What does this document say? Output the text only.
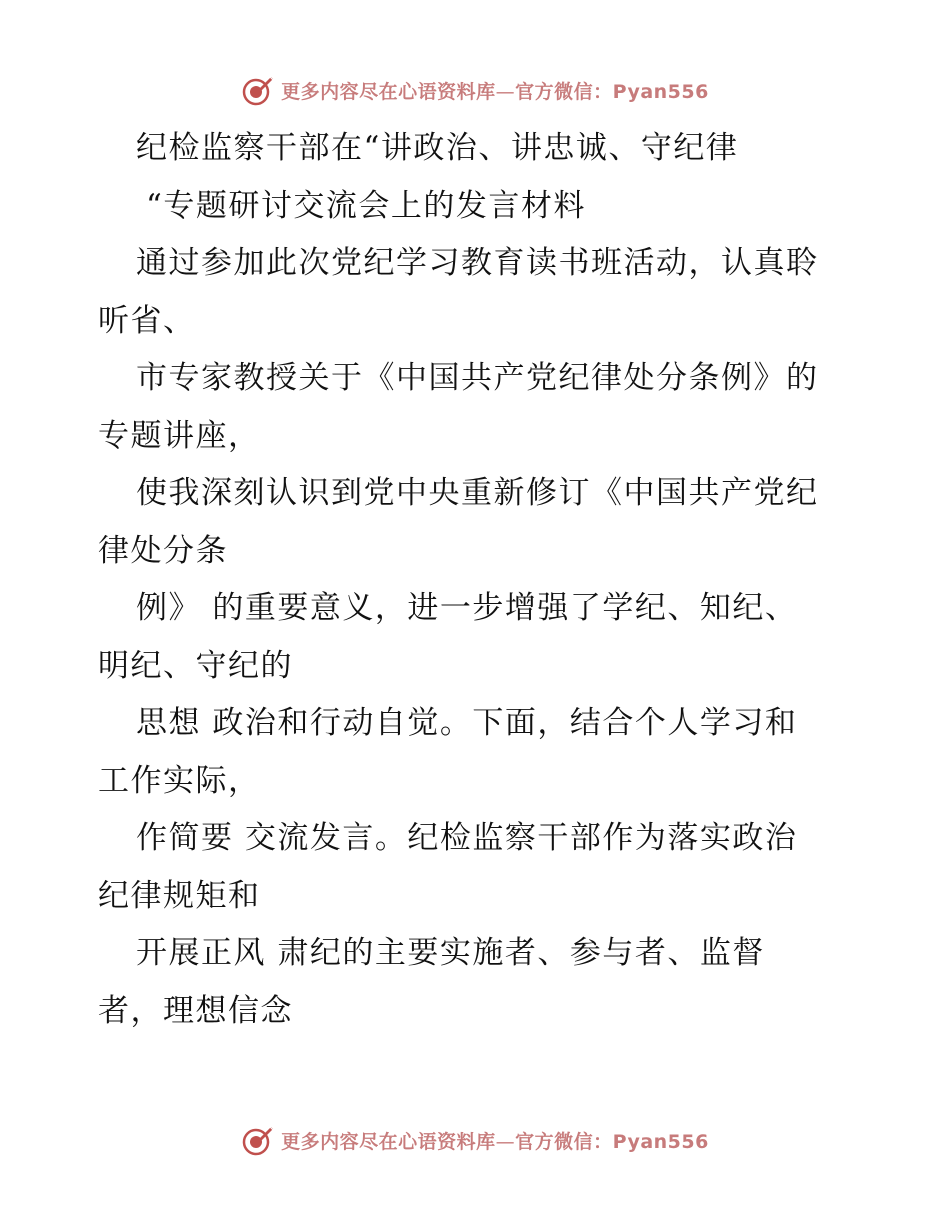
更多内容尽在心语资料库—官方微信：Pyan556
纪检监察干部在“讲政治、讲忠诚、守纪律
“专题研讨交流会上的发言材料
通过参加此次党纪学习教育读书班活动，认真聆
听省、
市专家教授关于《中国共产党纪律处分条例》的
专题讲座，
使我深刻认识到党中央重新修订《中国共产党纪
律处分条
例》 的重要意义，进一步增强了学纪、知纪、
明纪、守纪的
思想 政治和行动自觉。下面，结合个人学习和
工作实际，
作简要 交流发言。纪检监察干部作为落实政治
纪律规矩和
开展正风 肃纪的主要实施者、参与者、监督
者，理想信念
更多内容尽在心语资料库—官方微信：Pyan556
